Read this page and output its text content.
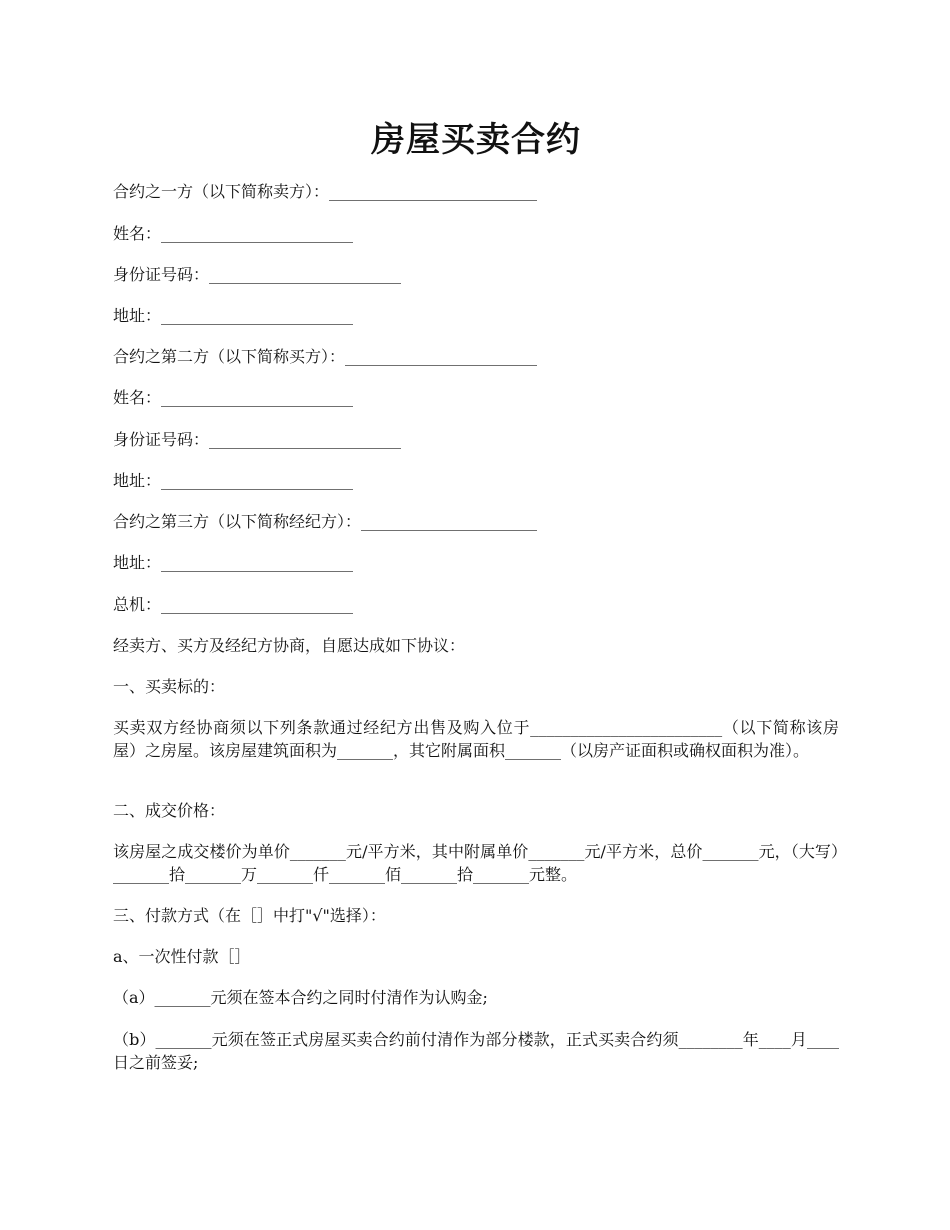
房屋买卖合约
合约之一方（以下简称卖方）：__________________________
姓名：________________________
身份证号码：________________________
地址：________________________
合约之第二方（以下简称买方）：________________________
姓名：________________________
身份证号码：________________________
地址：________________________
合约之第三方（以下简称经纪方）：______________________
地址：________________________
总机：________________________
经卖方、买方及经纪方协商，自愿达成如下协议：
一、买卖标的：
买卖双方经协商须以下列条款通过经纪方出售及购入位于________________________（以下简称该房屋）之房屋。该房屋建筑面积为_______，其它附属面积_______（以房产证面积或确权面积为准）。
二、成交价格：
该房屋之成交楼价为单价_______元/平方米，其中附属单价_______元/平方米，总价_______元，（大写）_______拾_______万_______仟_______佰_______拾_______元整。
三、付款方式（在［］中打"√"选择）：
a、一次性付款［］
（a）_______元须在签本合约之同时付清作为认购金;
（b）_______元须在签正式房屋买卖合约前付清作为部分楼款，正式买卖合约须________年____月____日之前签妥;
